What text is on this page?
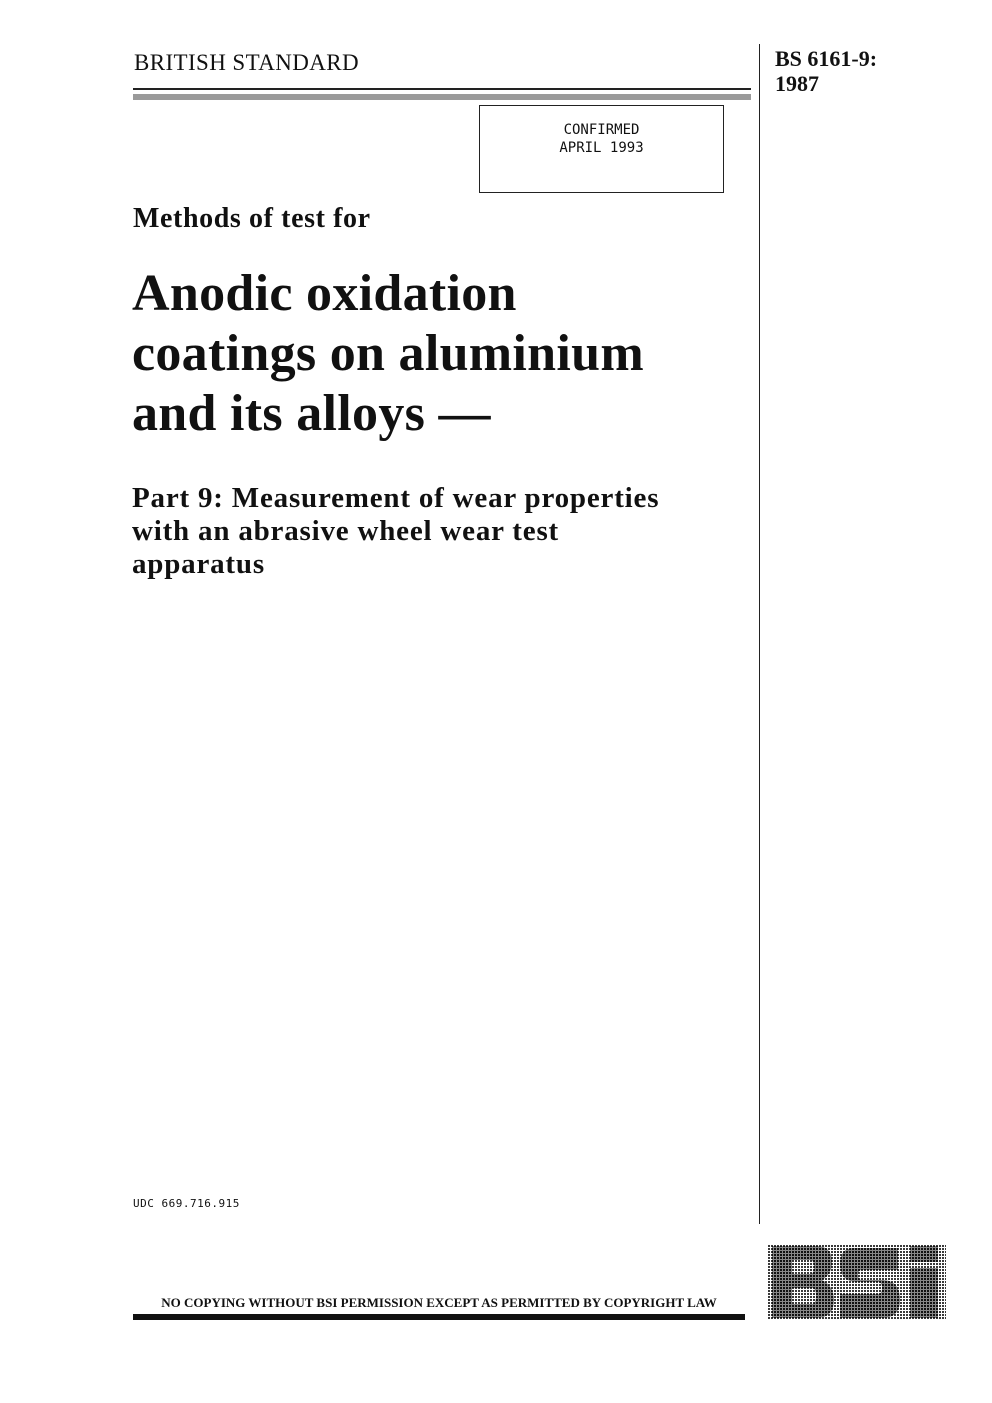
BRITISH STANDARD	BS 6161-9:
1987
CONFIRMED
APRIL 1993
Methods of test for
Anodic oxidation
coatings on aluminium
and its alloys —
Part 9: Measurement of wear properties
with an abrasive wheel wear test
apparatus
UDC 669.716.915
NO COPYING WITHOUT BSI PERMISSION EXCEPT AS PERMITTED BY COPYRIGHT LAW
